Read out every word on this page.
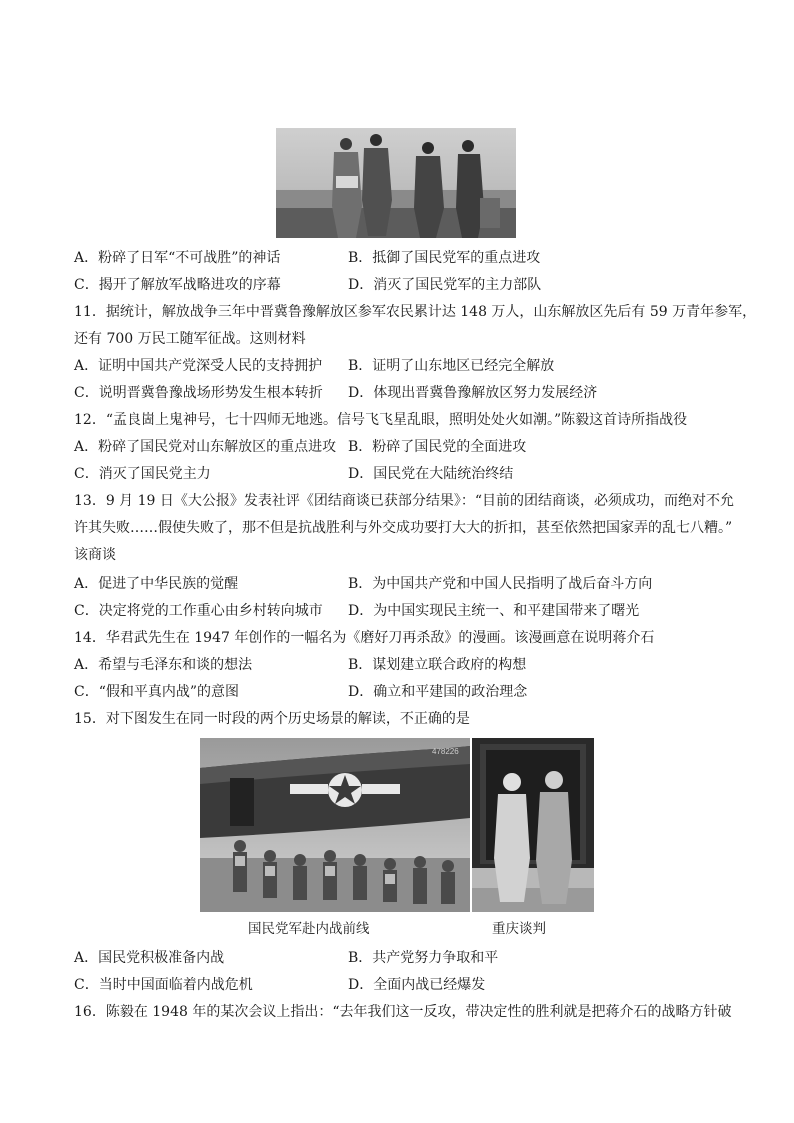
A．粉碎了日军“不可战胜”的神话	B．抵御了国民党军的重点进攻
C．揭开了解放军战略进攻的序幕	D．消灭了国民党军的主力部队
11．据统计，解放战争三年中晋冀鲁豫解放区参军农民累计达 148 万人，山东解放区先后有 59 万青年参军，
还有 700 万民工随军征战。这则材料
A．证明中国共产党深受人民的支持拥护 B．证明了山东地区已经完全解放
C．说明晋冀鲁豫战场形势发生根本转折 D．体现出晋冀鲁豫解放区努力发展经济
12．“孟良崮上鬼神号，七十四师无地逃。信号飞飞星乱眼，照明处处火如潮。”陈毅这首诗所指战役
A．粉碎了国民党对山东解放区的重点进攻 B．粉碎了国民党的全面进攻
C．消灭了国民党主力	D．国民党在大陆统治终结
13．9 月 19 日《大公报》发表社评《团结商谈已获部分结果》：“目前的团结商谈，必须成功，而绝对不允
许其失败……假使失败了，那不但是抗战胜利与外交成功要打大大的折扣，甚至依然把国家弄的乱七八糟。”
该商谈
A．促进了中华民族的觉醒	B．为中国共产党和中国人民指明了战后奋斗方向
C．决定将党的工作重心由乡村转向城市 D．为中国实现民主统一、和平建国带来了曙光
14．华君武先生在 1947 年创作的一幅名为《磨好刀再杀敌》的漫画。该漫画意在说明蒋介石
A．希望与毛泽东和谈的想法	B．谋划建立联合政府的构想
C．“假和平真内战”的意图	D．确立和平建国的政治理念
15．对下图发生在同一时段的两个历史场景的解读，不正确的是
478226
国民党军赴内战前线	重庆谈判
A．国民党积极准备内战	B．共产党努力争取和平
C．当时中国面临着内战危机	D．全面内战已经爆发
16．陈毅在 1948 年的某次会议上指出：“去年我们这一反攻，带决定性的胜利就是把蒋介石的战略方针破
